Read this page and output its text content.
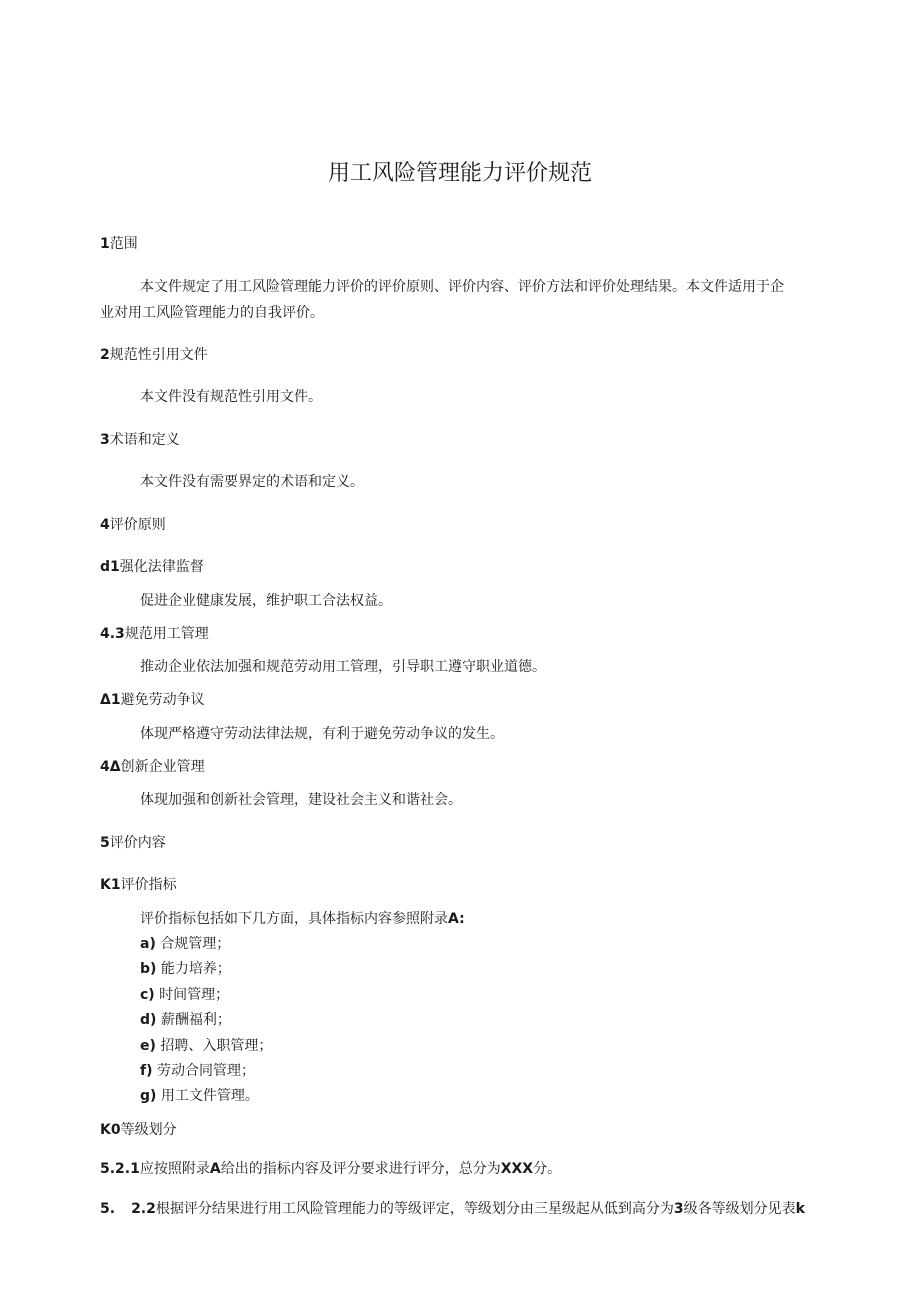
用工风险管理能力评价规范
1范围
本文件规定了用工风险管理能力评价的评价原则、评价内容、评价方法和评价处理结果。本文件适用于企
业对用工风险管理能力的自我评价。
2规范性引用文件
本文件没有规范性引用文件。
3术语和定义
本文件没有需要界定的术语和定义。
4评价原则
d1强化法律监督
促进企业健康发展，维护职工合法权益。
4.3规范用工管理
推动企业依法加强和规范劳动用工管理，引导职工遵守职业道德。
Δ1避免劳动争议
体现严格遵守劳动法律法规，有利于避免劳动争议的发生。
4Δ创新企业管理
体现加强和创新社会管理，建设社会主义和谐社会。
5评价内容
K1评价指标
评价指标包括如下几方面，具体指标内容参照附录A:
a) 合规管理；
b) 能力培养；
c) 时间管理；
d) 薪酬福利；
e) 招聘、入职管理；
f) 劳动合同管理；
g) 用工文件管理。
K0等级划分
5.2.1应按照附录A给出的指标内容及评分要求进行评分，总分为XXX分。
5. 2.2根据评分结果进行用工风险管理能力的等级评定，等级划分由三星级起从低到高分为3级各等级划分见表k
